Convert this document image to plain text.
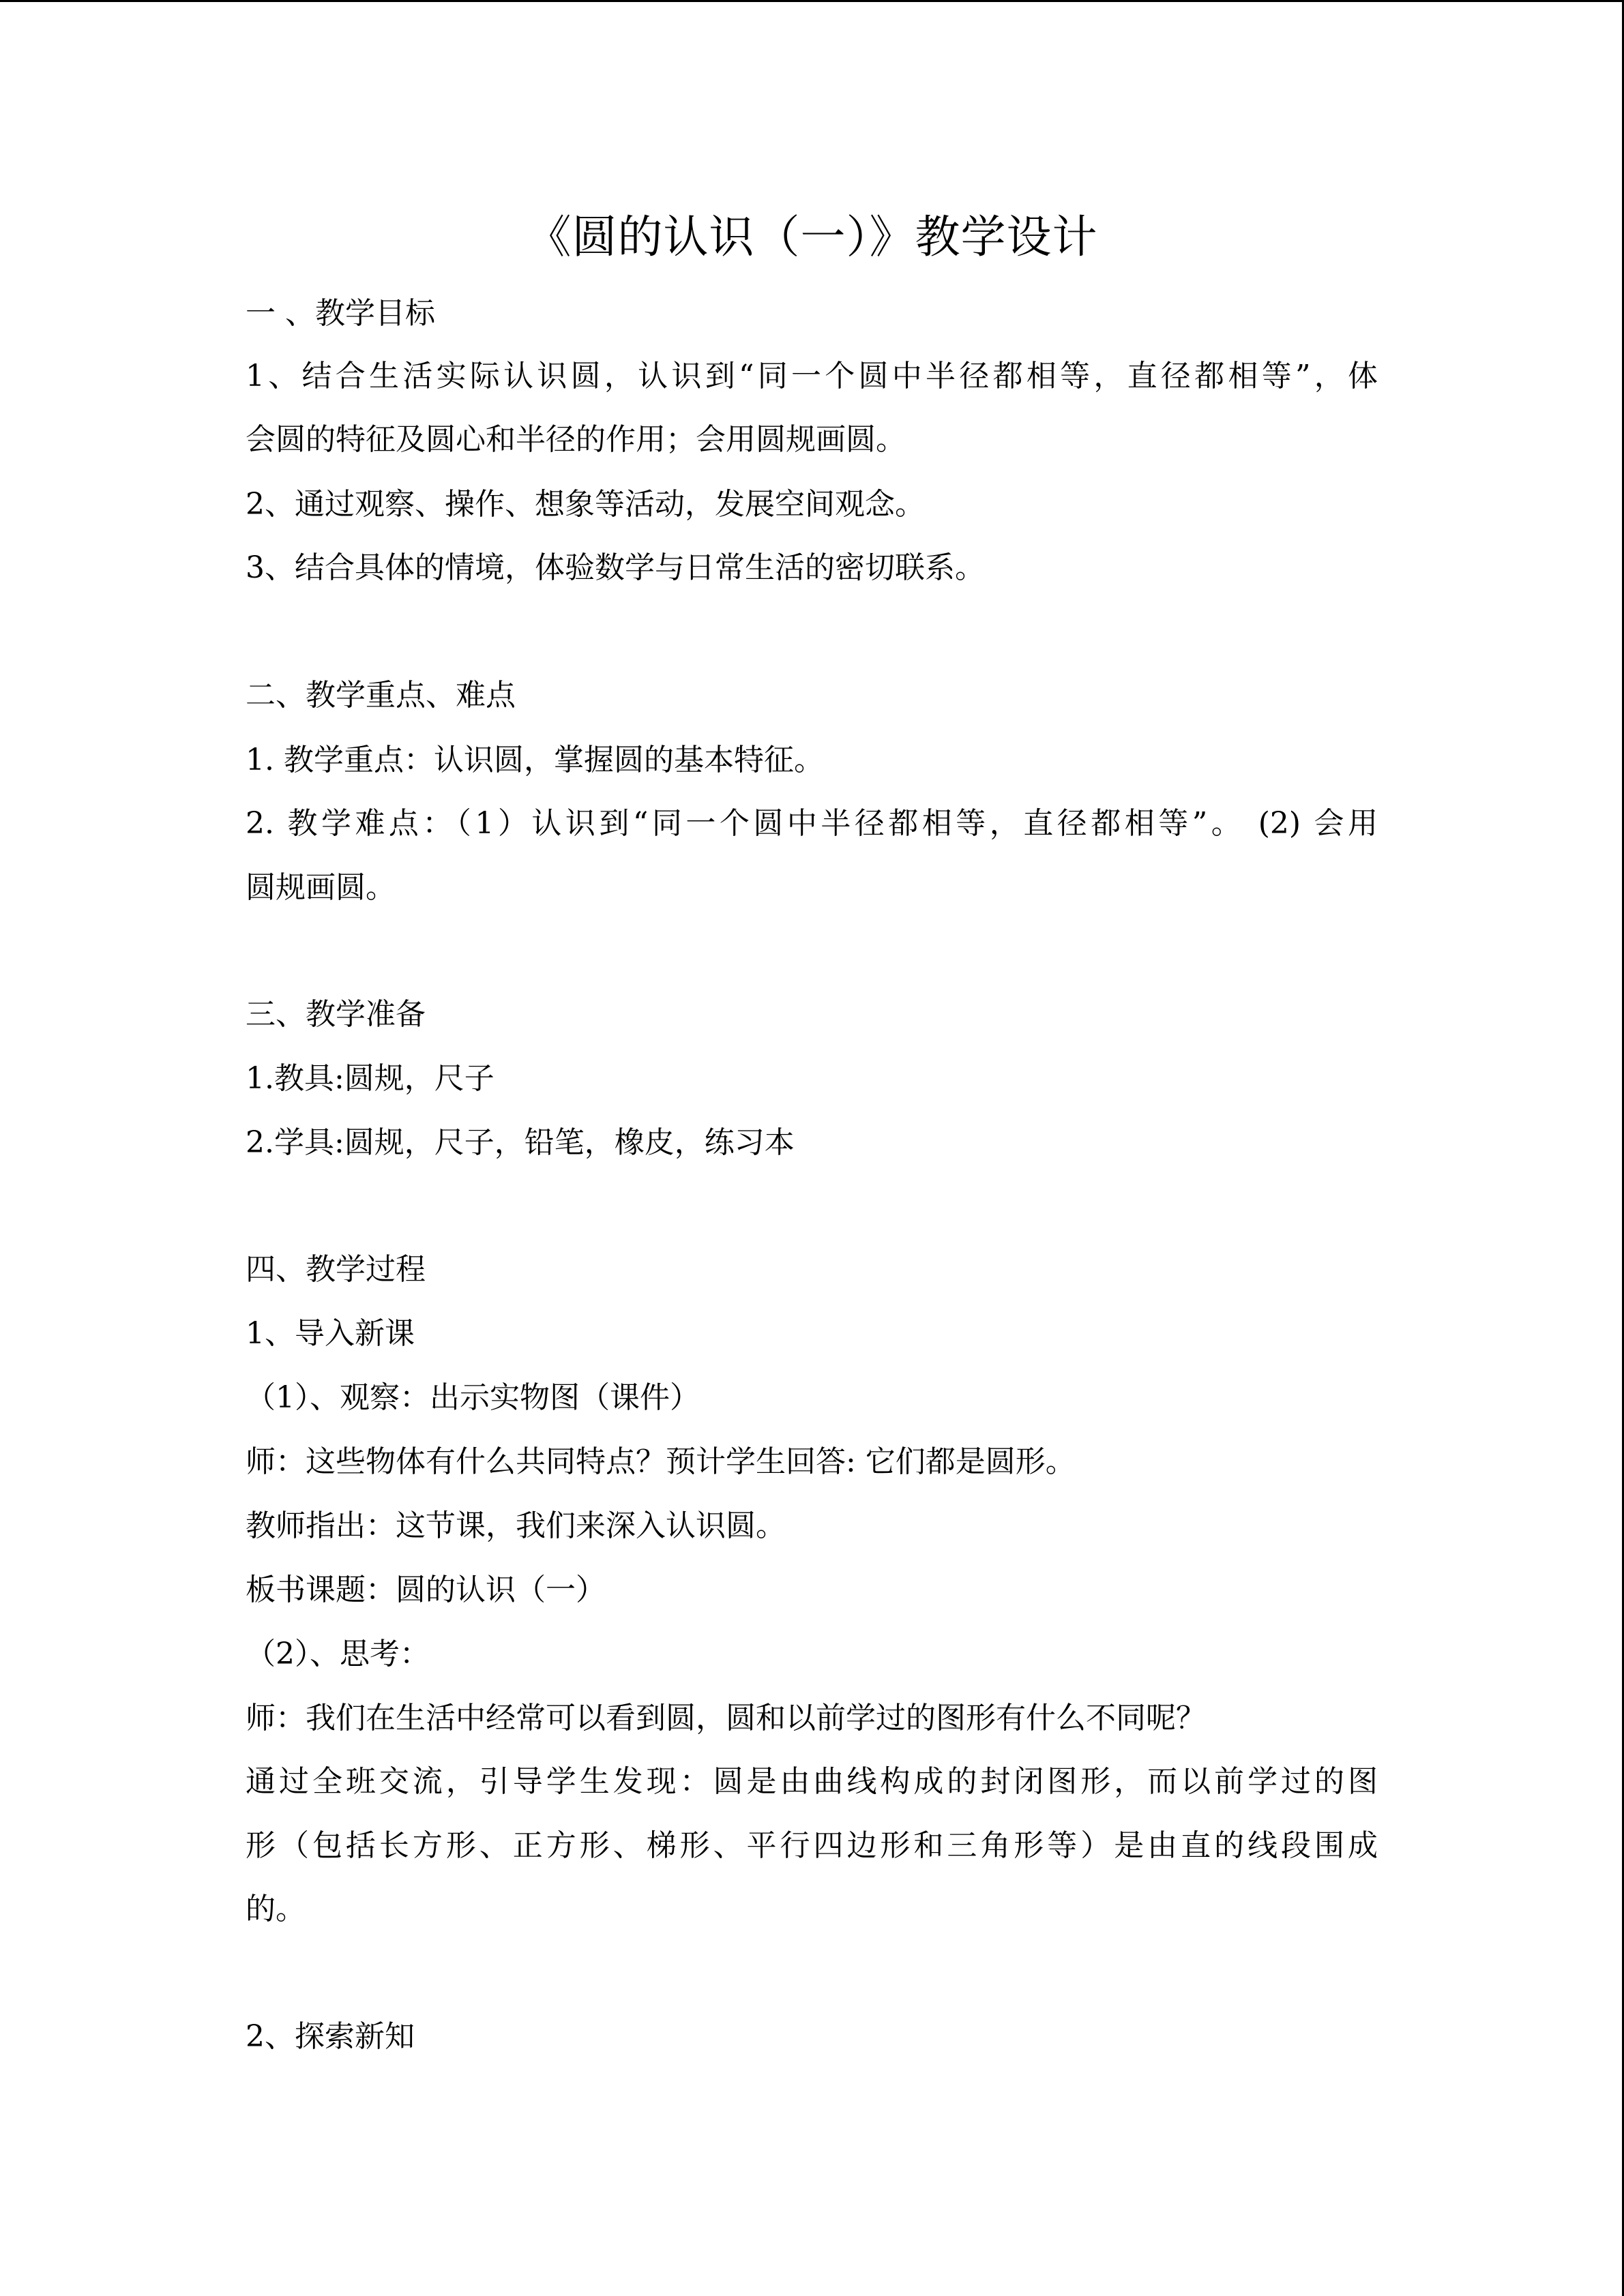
《圆的认识（一）》教学设计
一 、教学目标
1、结合生活实际认识圆，认识到“同一个圆中半径都相等，直径都相等”，体
会圆的特征及圆心和半径的作用；会用圆规画圆。
2、通过观察、操作、想象等活动，发展空间观念。
3、结合具体的情境，体验数学与日常生活的密切联系。
二、教学重点、难点
1. 教学重点：认识圆，掌握圆的基本特征。
2. 教学难点：（1）认识到“同一个圆中半径都相等，直径都相等”。 (2) 会用
圆规画圆。
三、教学准备
1.教具:圆规，尺子
2.学具:圆规，尺子，铅笔，橡皮，练习本
四、教学过程
1、导入新课
（1）、观察：出示实物图（课件）
师：这些物体有什么共同特点？预计学生回答: 它们都是圆形。
教师指出：这节课，我们来深入认识圆。
板书课题：圆的认识（一）
（2）、思考：
师：我们在生活中经常可以看到圆，圆和以前学过的图形有什么不同呢？
通过全班交流，引导学生发现：圆是由曲线构成的封闭图形，而以前学过的图
形（包括长方形、正方形、梯形、平行四边形和三角形等）是由直的线段围成
的。
2、探索新知
